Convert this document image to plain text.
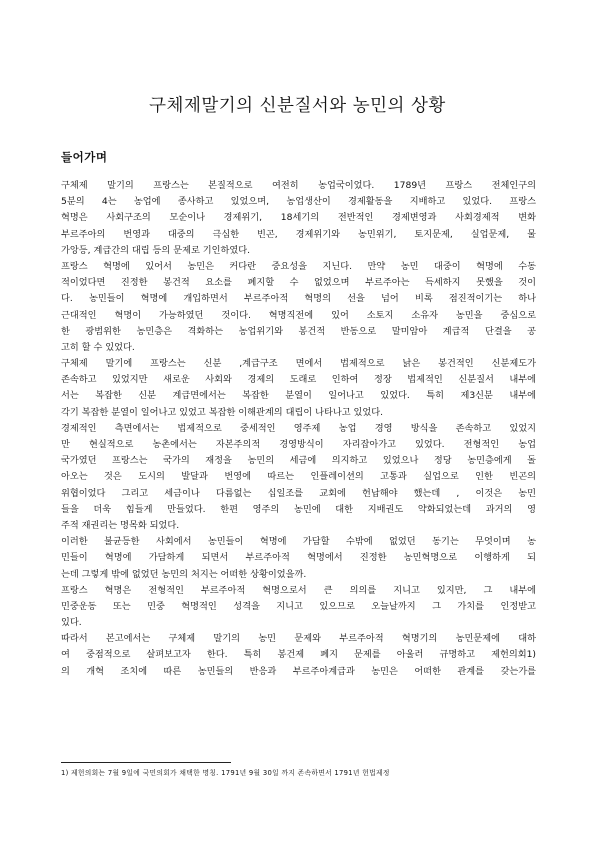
구체제말기의 신분질서와 농민의 상황
들어가며
구체제 말기의 프랑스는 본질적으로 여전히 농업국이었다. 1789년 프랑스 전체인구의
5분의 4는 농업에 종사하고 있었으며, 농업생산이 경제활동을 지배하고 있었다. 프랑스
혁명은 사회구조의 모순이나 경제위기, 18세기의 전반적인 경제변영과 사회경제적 변화
부르주아의 번영과 대중의 극심한 빈곤, 경제위기와 농민위기, 토지문제, 실업문제, 물
가앙등, 계급간의 대립 등의 문제로 기인하였다.
프랑스 혁명에 있어서 농민은 커다란 중요성을 지닌다. 만약 농민 대중이 혁명에 수동
적이었다면 진정한 봉건적 요소를 폐지할 수 없었으며 부르주아는 득세하지 못했을 것이
다. 농민들이 혁명에 개입하면서 부르주아적 혁명의 선을 넘어 비록 점진적이기는 하나
근대적인 혁명이 가능하였던 것이다. 혁명직전에 있어 소토지 소유자 농민을 중심으로
한 광범위한 농민층은 격화하는 농업위기와 봉건적 반동으로 말미암아 계급적 단결을 공
고히 할 수 있었다.
구체제 말기에 프랑스는 신분 ,계급구조 면에서 법제적으로 낡은 봉건적인 신분제도가
존속하고 있었지만 새로운 사회와 경제의 도래로 인하여 정장 법제적인 신분질서 내부에
서는 복잡한 신분 계급면에서는 복잡한 분열이 일어나고 있었다. 특히 제3신분 내부에
각기 복잡한 분열이 일어나고 있었고 복잡한 이해관계의 대립이 나타나고 있었다.
경제적인 측면에서는 법제적으로 중세적인 영주제 농업 경영 방식을 존속하고 있었지
만 현실적으로 농촌에서는 자본주의적 경영방식이 자리잡아가고 있었다. 전형적인 농업
국가였던 프랑스는 국가의 재정을 농민의 세금에 의지하고 있었으나 정당 농민층에게 돌
아오는 것은 도시의 발달과 번영에 따르는 인플레이션의 고통과 실업으로 인한 빈곤의
위협이었다 그리고 세금이나 다름없는 십일조를 교회에 헌납해야 했는데 , 이것은 농민
들을 더욱 힘들게 만들었다. 한편 영주의 농민에 대한 지배권도 약화되었는데 과거의 영
주적 재권리는 명목화 되었다.
이러한 불균등한 사회에서 농민들이 혁명에 가담할 수밖에 없었던 동기는 무엇이며 농
민들이 혁명에 가담하게 되면서 부르주아적 혁명에서 진정한 농민혁명으로 이행하게 되
는데 그렇게 밖에 없었던 농민의 처지는 어떠한 상황이었을까.
프랑스 혁명은 전형적인 부르주아적 혁명으로서 큰 의의를 지니고 있지만, 그 내부에
민중운동 또는 민중 혁명적인 성격을 지니고 있으므로 오늘날까지 그 가치를 인정받고
있다.
따라서 본고에서는 구체제 말기의 농민 문제와 부르주아적 혁명기의 농민문제에 대하
여 중점적으로 살펴보고자 한다. 특히 봉건제 폐지 문제를 아울러 규명하고 제헌의회1)
의 개혁 조치에 따른 농민들의 반응과 부르주아계급과 농민은 어떠한 관계를 갖는가를
1) 제헌의회는 7월 9일에 국민의회가 채택한 명칭. 1791년 9월 30일 까지 존속하면서 1791년 헌법제정
